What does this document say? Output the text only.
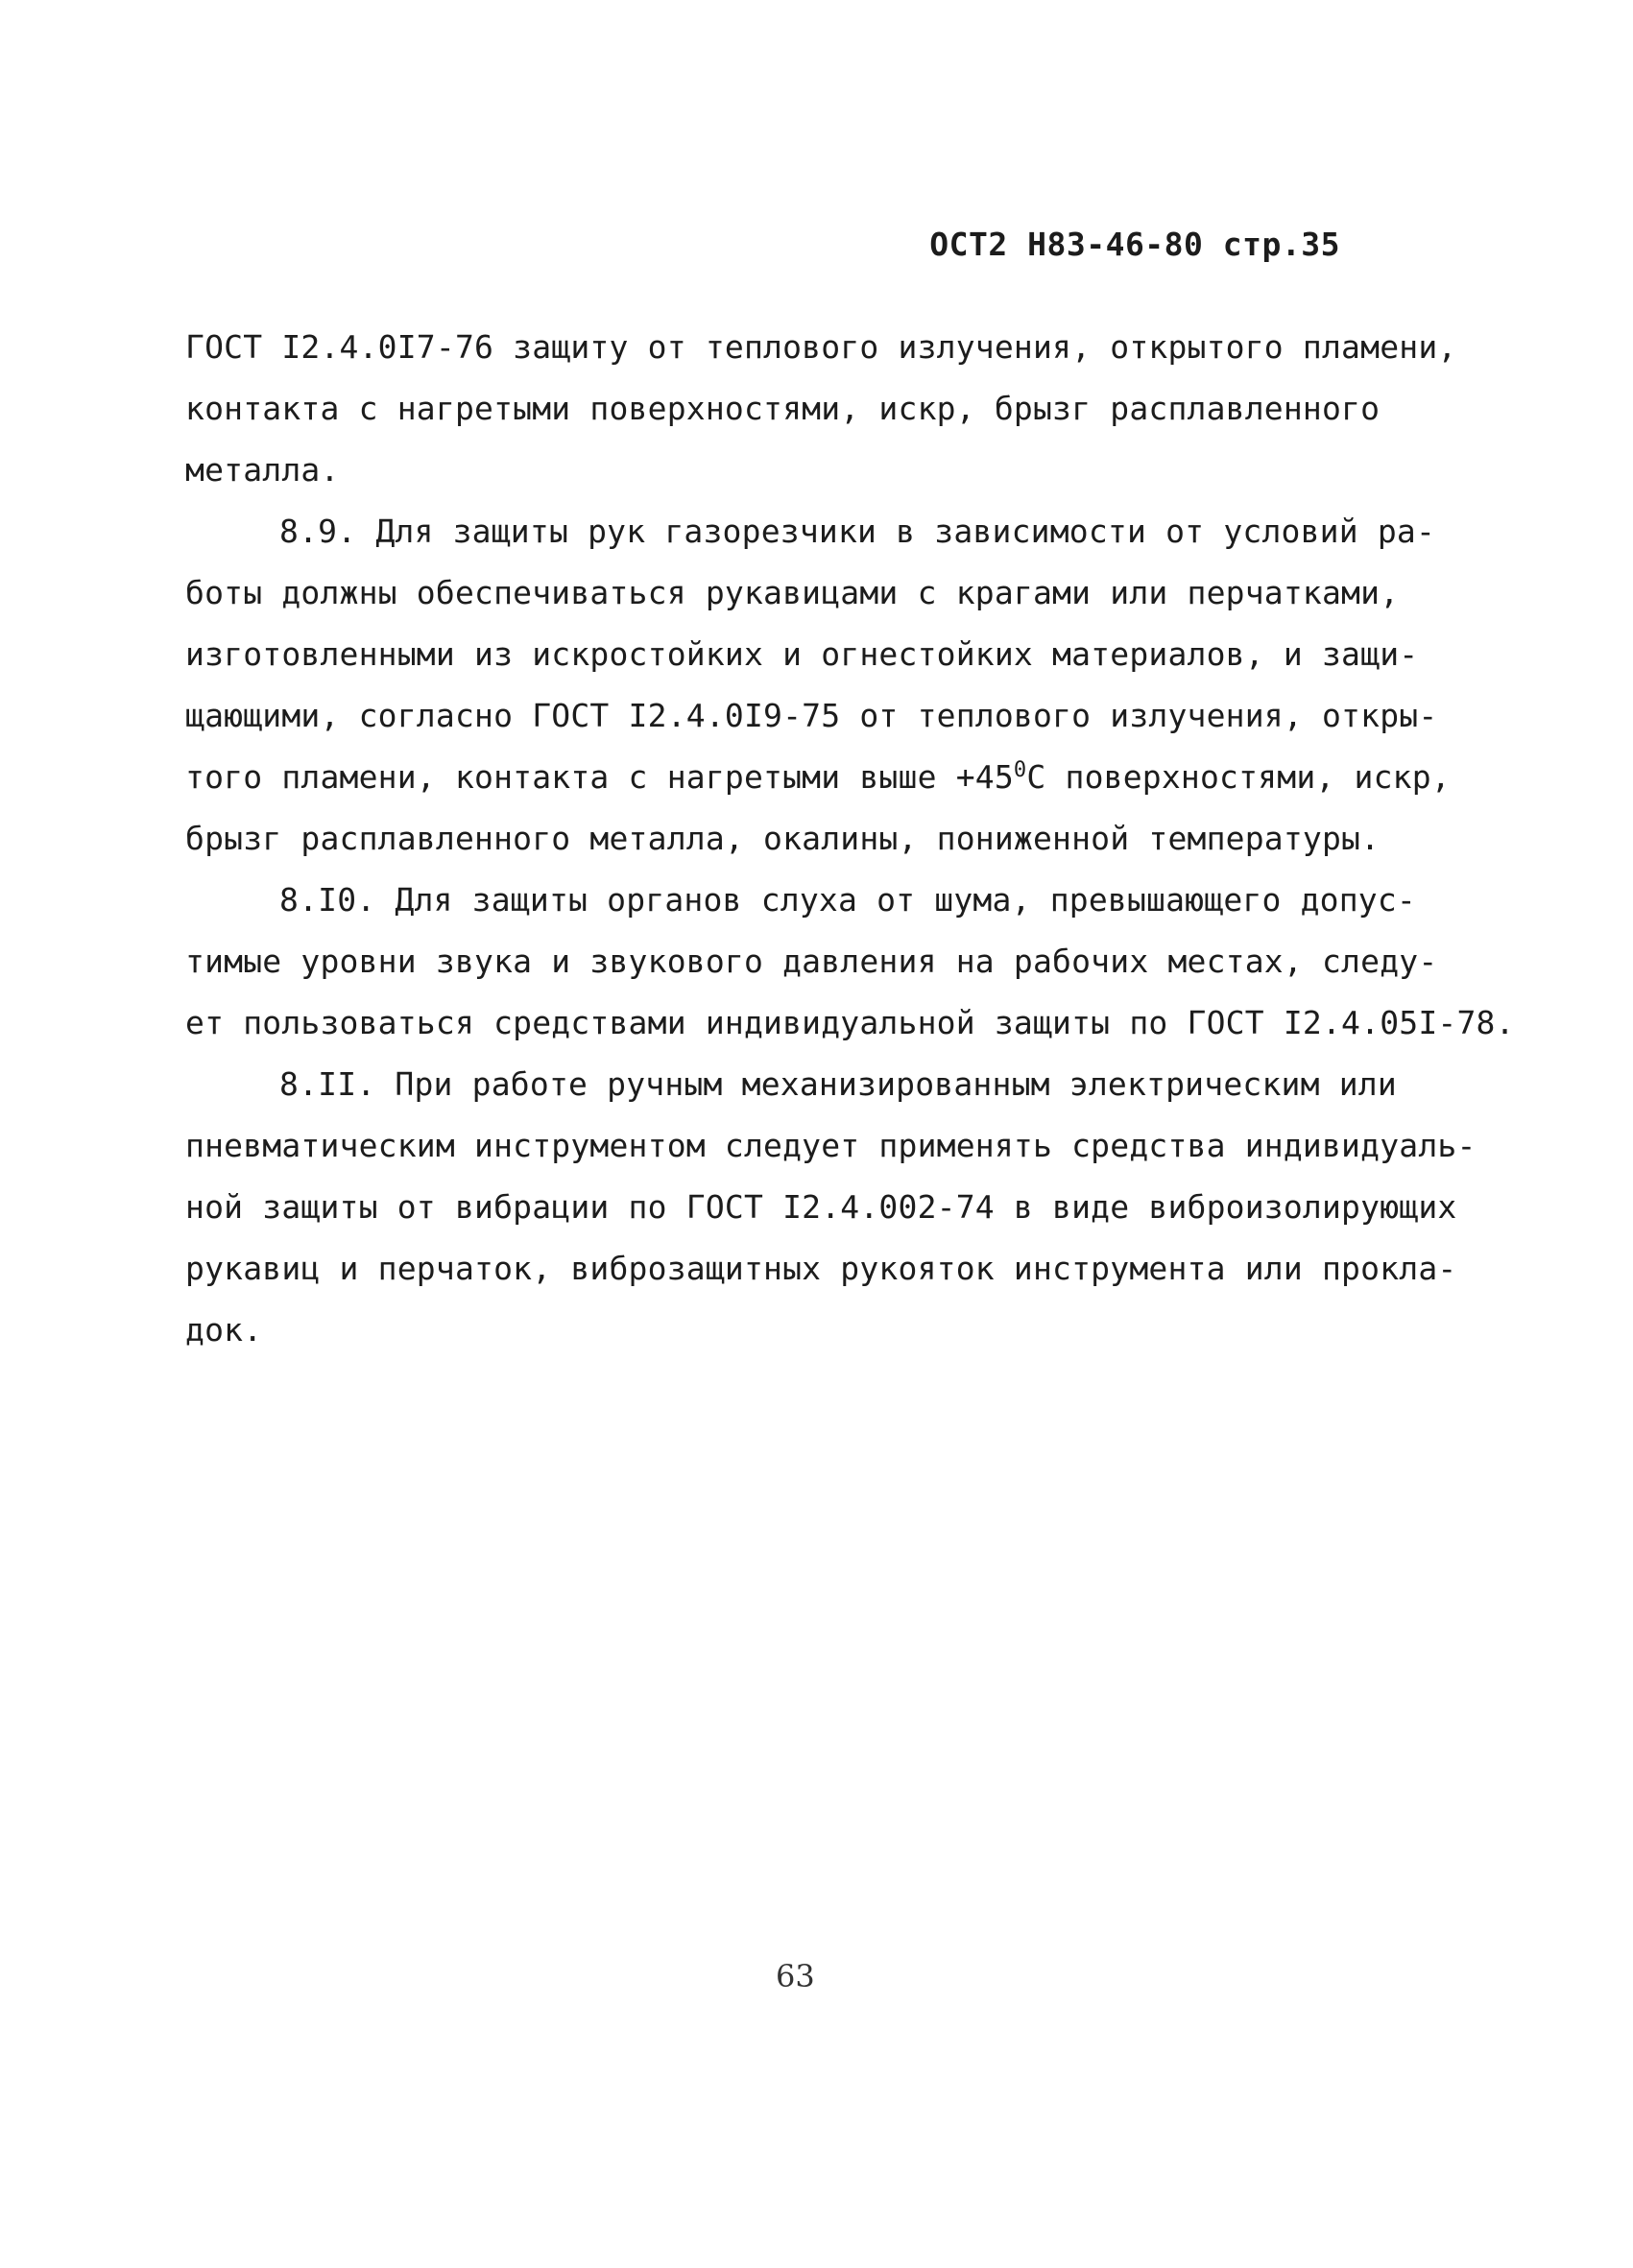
ОСТ2 Н83-46-80 стр.35
ГОСТ I2.4.0I7-76 защиту от теплового излучения, открытого пламени,
контакта с нагретыми поверхностями, искр, брызг расплавленного
металла.
8.9. Для защиты рук газорезчики в зависимости от условий ра-
боты должны обеспечиваться рукавицами с крагами или перчатками,
изготовленными из искростойких и огнестойких материалов, и защи-
щающими, согласно ГОСТ I2.4.0I9-75 от теплового излучения, откры-
того пламени, контакта с нагретыми выше $+45^0С$ поверхностями, искр,
брызг расплавленного металла, окалины, пониженной температуры.
8.I0. Для защиты органов слуха от шума, превышающего допус-
тимые уровни звука и звукового давления на рабочих местах, следу-
ет пользоваться средствами индивидуальной защиты по ГОСТ I2.4.05I-78.
8.II. При работе ручным механизированным электрическим или
пневматическим инструментом следует применять средства индивидуаль-
ной защиты от вибрации по ГОСТ I2.4.002-74 в виде виброизолирующих
рукавиц и перчаток, виброзащитных рукояток инструмента или прокла-
док.
63
